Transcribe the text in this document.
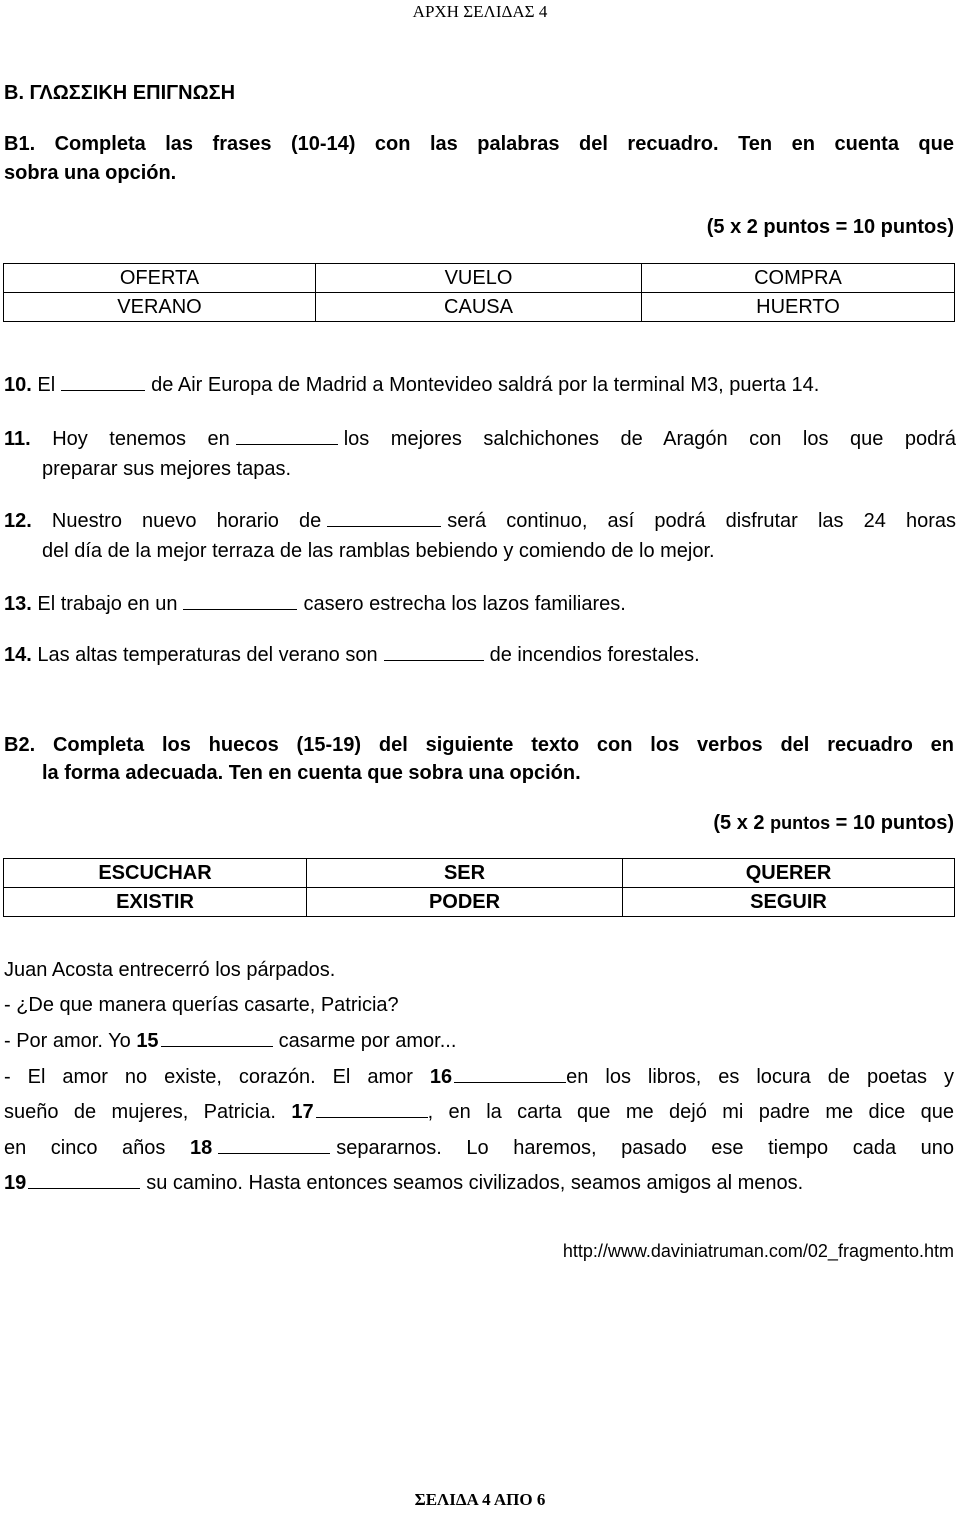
ΑΡΧΗ ΣΕΛΙΔΑΣ 4
Β. ΓΛΩΣΣΙΚΗ ΕΠΙΓΝΩΣΗ
B1. Completa las frases (10-14) con las palabras del recuadro. Ten en cuenta que
sobra una opción.
(5 x 2 puntos = 10 puntos)
OFERTA	VUELO	COMPRA
VERANO	CAUSA	HUERTO
10. El	de Air Europa de Madrid a Montevideo saldrá por la terminal M3, puerta 14.
11. Hoy tenemos en	los mejores salchichones de Aragón con los que podrá
preparar sus mejores tapas.
12. Nuestro nuevo horario de	será continuo, así podrá disfrutar las 24 horas
del día de la mejor terraza de las ramblas bebiendo y comiendo de lo mejor.
13. El trabajo en un	casero estrecha los lazos familiares.
14. Las altas temperaturas del verano son	de incendios forestales.
B2. Completa los huecos (15-19) del siguiente texto con los verbos del recuadro en
la forma adecuada. Ten en cuenta que sobra una opción.
(5 x 2 puntos = 10 puntos)
ESCUCHAR	SER	QUERER
EXISTIR	PODER	SEGUIR
Juan Acosta entrecerró los párpados.
- ¿De que manera querías casarte, Patricia?
- Por amor. Yo 15	casarme por amor...
- El amor no existe, corazón. El amor 16	en los libros, es locura de poetas y
sueño de mujeres, Patricia. 17	, en la carta que me dejó mi padre me dice que
en cinco años 18	separarnos. Lo haremos, pasado ese tiempo cada uno
19	su camino. Hasta entonces seamos civilizados, seamos amigos al menos.
http://www.daviniatruman.com/02_fragmento.htm
ΣΕΛΙΔΑ 4 ΑΠΟ 6
